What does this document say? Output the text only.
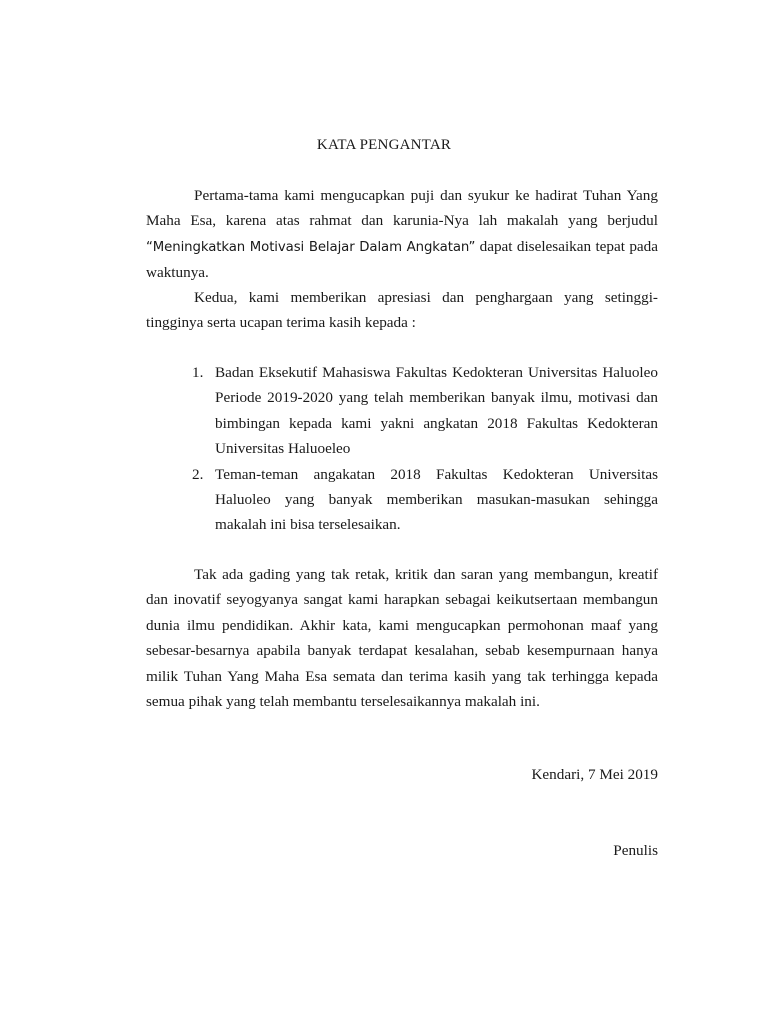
KATA PENGANTAR

Pertama-tama kami mengucapkan puji dan syukur ke hadirat Tuhan Yang Maha Esa, karena atas rahmat dan karunia-Nya lah makalah yang berjudul “Meningkatkan Motivasi Belajar Dalam Angkatan” dapat diselesaikan tepat pada waktunya.

Kedua, kami memberikan apresiasi dan penghargaan yang setinggi-tingginya serta ucapan terima kasih kepada :

1. Badan Eksekutif Mahasiswa Fakultas Kedokteran Universitas Haluoleo Periode 2019-2020 yang telah memberikan banyak ilmu, motivasi dan bimbingan kepada kami yakni angkatan 2018 Fakultas Kedokteran Universitas Haluoeleo
2. Teman-teman angakatan 2018 Fakultas Kedokteran Universitas Haluoleo yang banyak memberikan masukan-masukan sehingga makalah ini bisa terselesaikan.

Tak ada gading yang tak retak, kritik dan saran yang membangun, kreatif dan inovatif seyogyanya sangat kami harapkan sebagai keikutsertaan membangun dunia ilmu pendidikan. Akhir kata, kami mengucapkan permohonan maaf yang sebesar-besarnya apabila banyak terdapat kesalahan, sebab kesempurnaan hanya milik Tuhan Yang Maha Esa semata dan terima kasih yang tak terhingga kepada semua pihak yang telah membantu terselesaikannya makalah ini.

Kendari, 7 Mei 2019
Penulis
